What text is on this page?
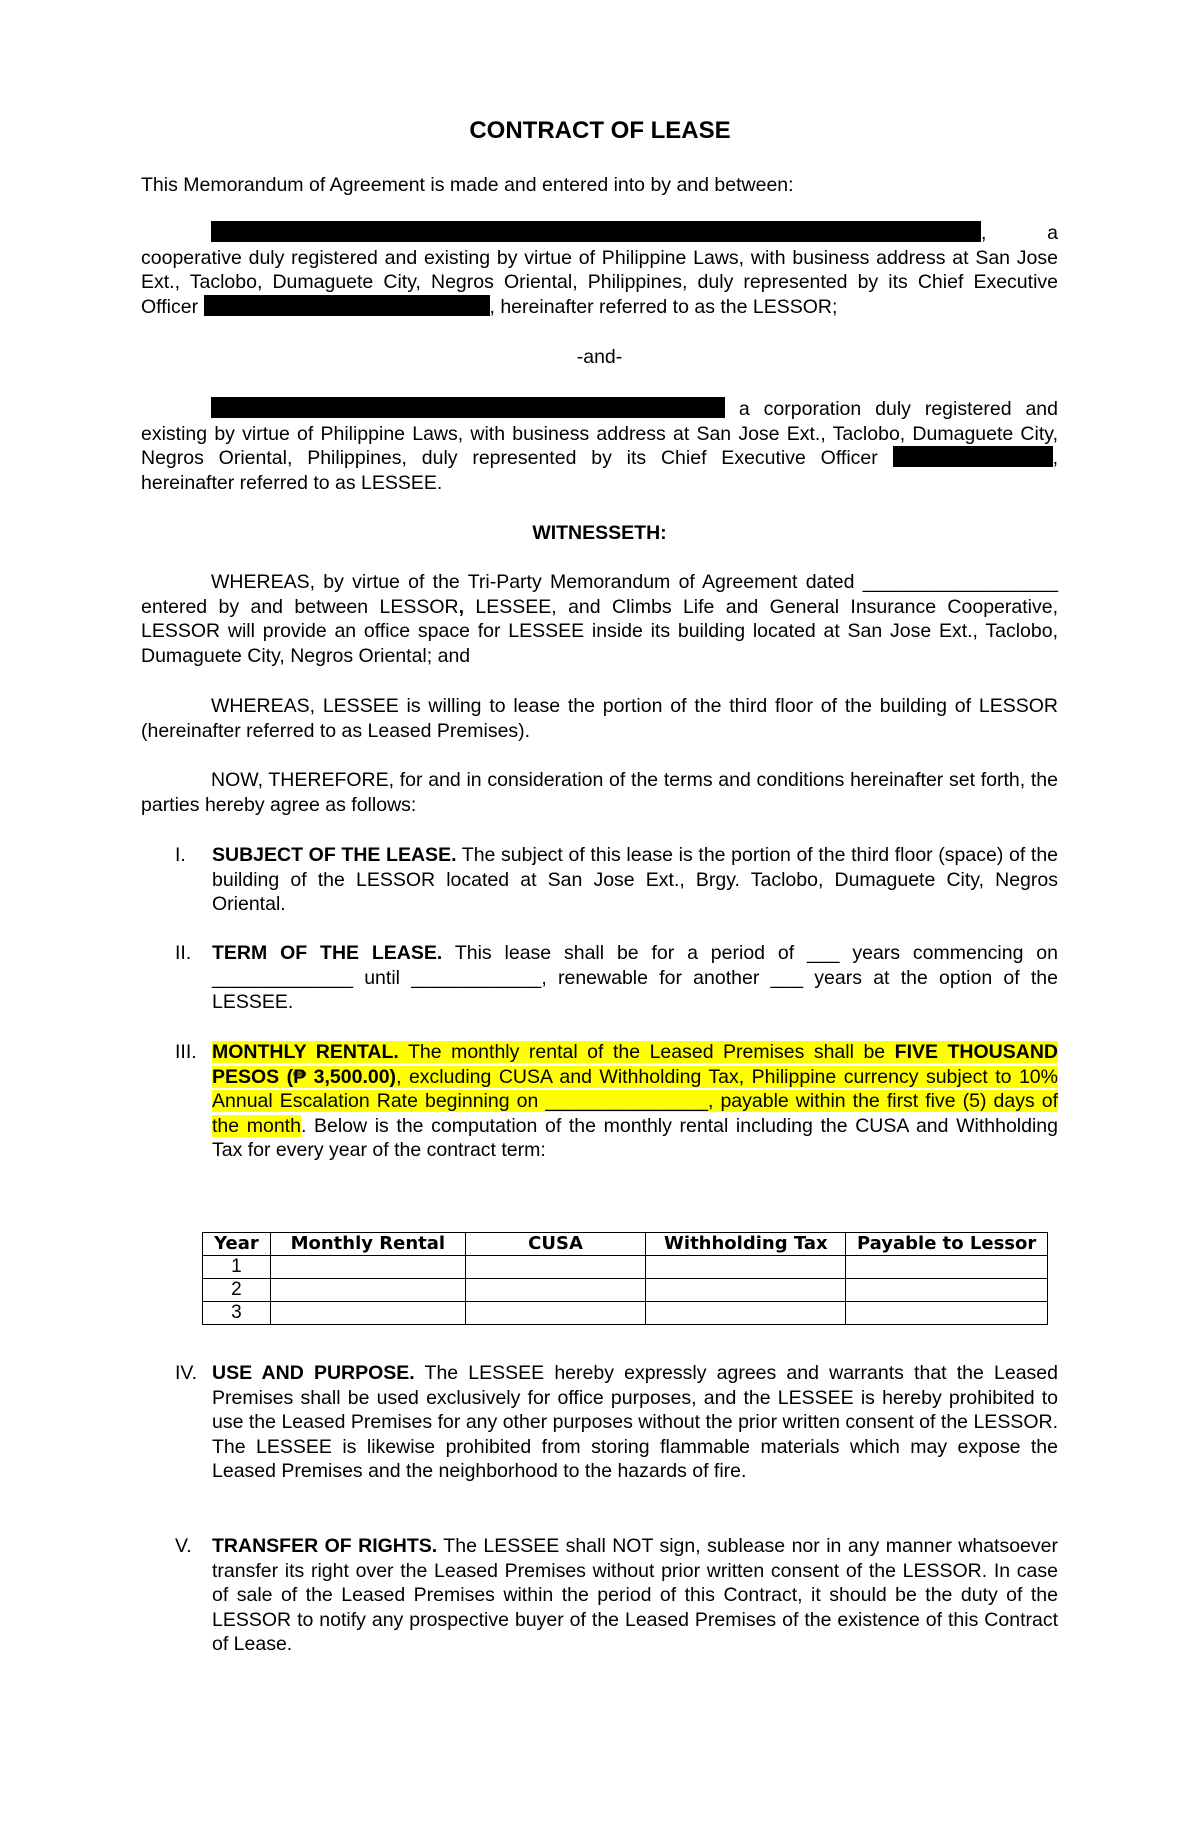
CONTRACT OF LEASE
This Memorandum of Agreement is made and entered into by and between:
, a cooperative duly registered and existing by virtue of Philippine Laws, with business address at San Jose Ext., Taclobo, Dumaguete City, Negros Oriental, Philippines, duly represented by its Chief Executive Officer	, hereinafter referred to as the LESSOR;
-and-
a corporation duly registered and existing by virtue of Philippine Laws, with business address at San Jose Ext., Taclobo, Dumaguete City, Negros Oriental, Philippines, duly represented by its Chief Executive Officer	, hereinafter referred to as LESSEE.
WITNESSETH:
WHEREAS, by virtue of the Tri-Party Memorandum of Agreement dated __________________ entered by and between LESSOR, LESSEE, and Climbs Life and General Insurance Cooperative, LESSOR will provide an office space for LESSEE inside its building located at San Jose Ext., Taclobo, Dumaguete City, Negros Oriental; and
WHEREAS, LESSEE is willing to lease the portion of the third floor of the building of LESSOR (hereinafter referred to as Leased Premises).
NOW, THEREFORE, for and in consideration of the terms and conditions hereinafter set forth, the parties hereby agree as follows:
I. SUBJECT OF THE LEASE. The subject of this lease is the portion of the third floor (space) of the building of the LESSOR located at San Jose Ext., Brgy. Taclobo, Dumaguete City, Negros Oriental.
II. TERM OF THE LEASE. This lease shall be for a period of ___ years commencing on _____________ until ____________, renewable for another ___ years at the option of the LESSEE.
III. MONTHLY RENTAL. The monthly rental of the Leased Premises shall be FIVE THOUSAND PESOS (₱ 3,500.00), excluding CUSA and Withholding Tax, Philippine currency subject to 10% Annual Escalation Rate beginning on _______________, payable within the first five (5) days of the month. Below is the computation of the monthly rental including the CUSA and Withholding Tax for every year of the contract term:
Year	Monthly Rental	CUSA	Withholding Tax	Payable to Lessor
1				
2				
3				
IV. USE AND PURPOSE. The LESSEE hereby expressly agrees and warrants that the Leased Premises shall be used exclusively for office purposes, and the LESSEE is hereby prohibited to use the Leased Premises for any other purposes without the prior written consent of the LESSOR. The LESSEE is likewise prohibited from storing flammable materials which may expose the Leased Premises and the neighborhood to the hazards of fire.
V. TRANSFER OF RIGHTS. The LESSEE shall NOT sign, sublease nor in any manner whatsoever transfer its right over the Leased Premises without prior written consent of the LESSOR. In case of sale of the Leased Premises within the period of this Contract, it should be the duty of the LESSOR to notify any prospective buyer of the Leased Premises of the existence of this Contract of Lease.
